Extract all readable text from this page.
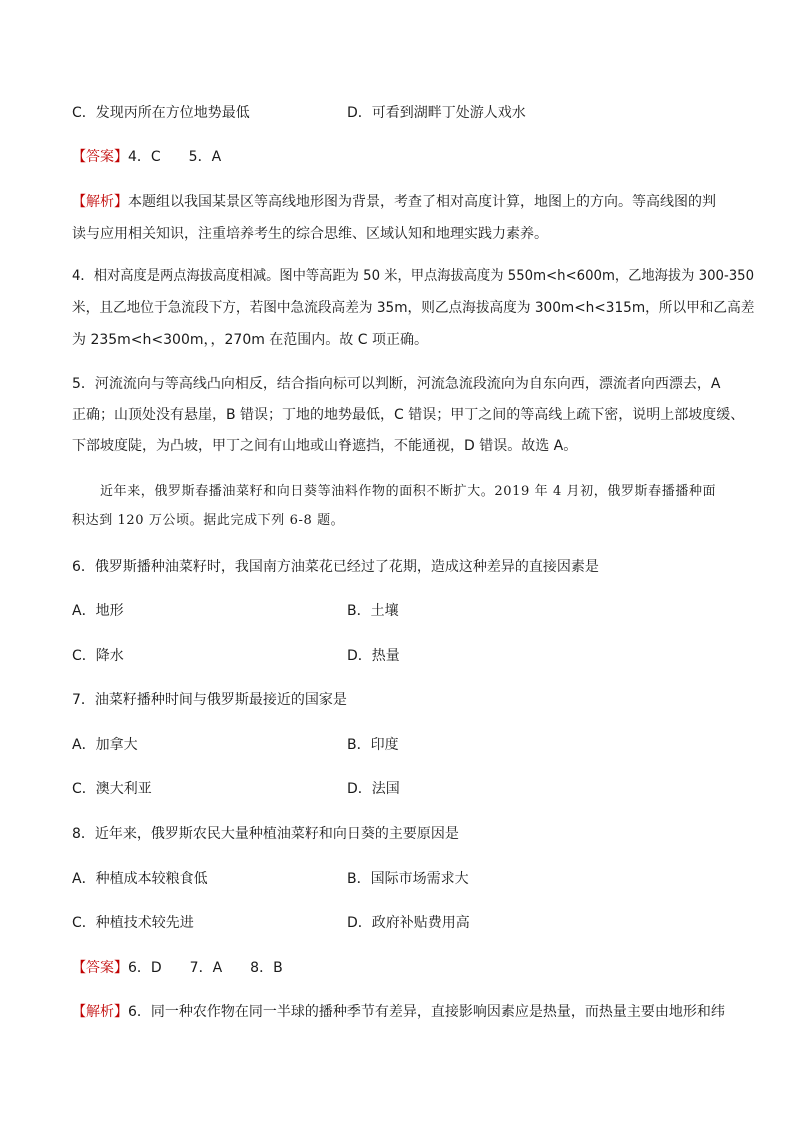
C．发现丙所在方位地势最低	D．可看到湖畔丁处游人戏水
【答案】4．C　　5．A
【解析】本题组以我国某景区等高线地形图为背景，考查了相对高度计算，地图上的方向。等高线图的判
读与应用相关知识，注重培养考生的综合思维、区域认知和地理实践力素养。
4．相对高度是两点海拔高度相减。图中等高距为 50 米，甲点海拔高度为 550m<h<600m，乙地海拔为 300-350
米，且乙地位于急流段下方，若图中急流段高差为 35m，则乙点海拔高度为 300m<h<315m，所以甲和乙高差
为 235m<h<300m，，270m 在范围内。故 C 项正确。
5．河流流向与等高线凸向相反，结合指向标可以判断，河流急流段流向为自东向西，漂流者向西漂去，A
正确；山顶处没有悬崖，B 错误；丁地的地势最低，C 错误；甲丁之间的等高线上疏下密，说明上部坡度缓、
下部坡度陡，为凸坡，甲丁之间有山地或山脊遮挡，不能通视，D 错误。故选 A。
近年来，俄罗斯春播油菜籽和向日葵等油料作物的面积不断扩大。2019 年 4 月初，俄罗斯春播播种面
积达到 120 万公顷。据此完成下列 6-8 题。
6．俄罗斯播种油菜籽时，我国南方油菜花已经过了花期，造成这种差异的直接因素是
A．地形	B．土壤
C．降水	D．热量
7．油菜籽播种时间与俄罗斯最接近的国家是
A．加拿大	B．印度
C．澳大利亚	D．法国
8．近年来，俄罗斯农民大量种植油菜籽和向日葵的主要原因是
A．种植成本较粮食低	B．国际市场需求大
C．种植技术较先进	D．政府补贴费用高
【答案】6．D　　7．A　　8．B
【解析】6．同一种农作物在同一半球的播种季节有差异，直接影响因素应是热量，而热量主要由地形和纬
